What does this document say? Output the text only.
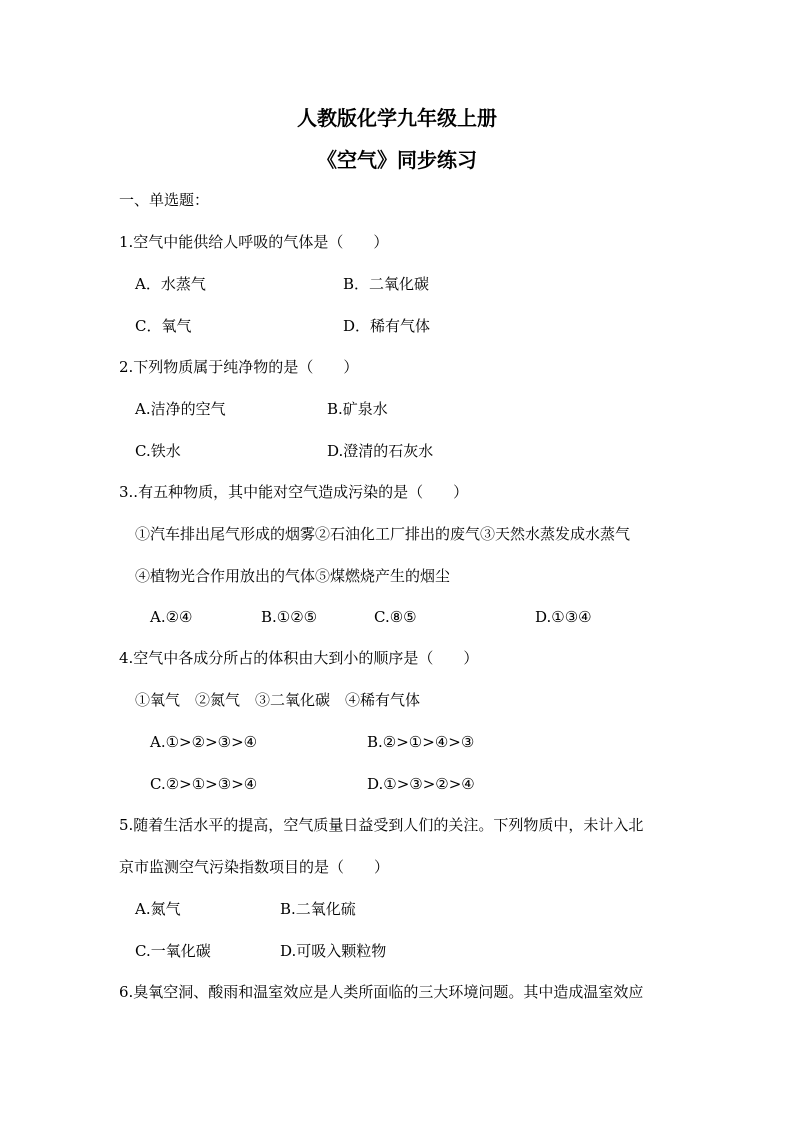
人教版化学九年级上册
《空气》同步练习
一、单选题：
1.空气中能供给人呼吸的气体是（　　）
A．水蒸气	B．二氧化碳
C．氧气	D．稀有气体
2.下列物质属于纯净物的是（　　）
A.洁净的空气	B.矿泉水
C.铁水	D.澄清的石灰水
3..有五种物质，其中能对空气造成污染的是（　　）
①汽车排出尾气形成的烟雾②石油化工厂排出的废气③天然水蒸发成水蒸气
④植物光合作用放出的气体⑤煤燃烧产生的烟尘
A.②④	B.①②⑤	C.⑧⑤	D.①③④
4.空气中各成分所占的体积由大到小的顺序是（　　）
①氧气　②氮气　③二氧化碳　④稀有气体
A.①>②>③>④	B.②>①>④>③
C.②>①>③>④	D.①>③>②>④
5.随着生活水平的提高，空气质量日益受到人们的关注。下列物质中，未计入北
京市监测空气污染指数项目的是（　　）
A.氮气	B.二氧化硫
C.一氧化碳	D.可吸入颗粒物
6.臭氧空洞、酸雨和温室效应是人类所面临的三大环境问题。其中造成温室效应
